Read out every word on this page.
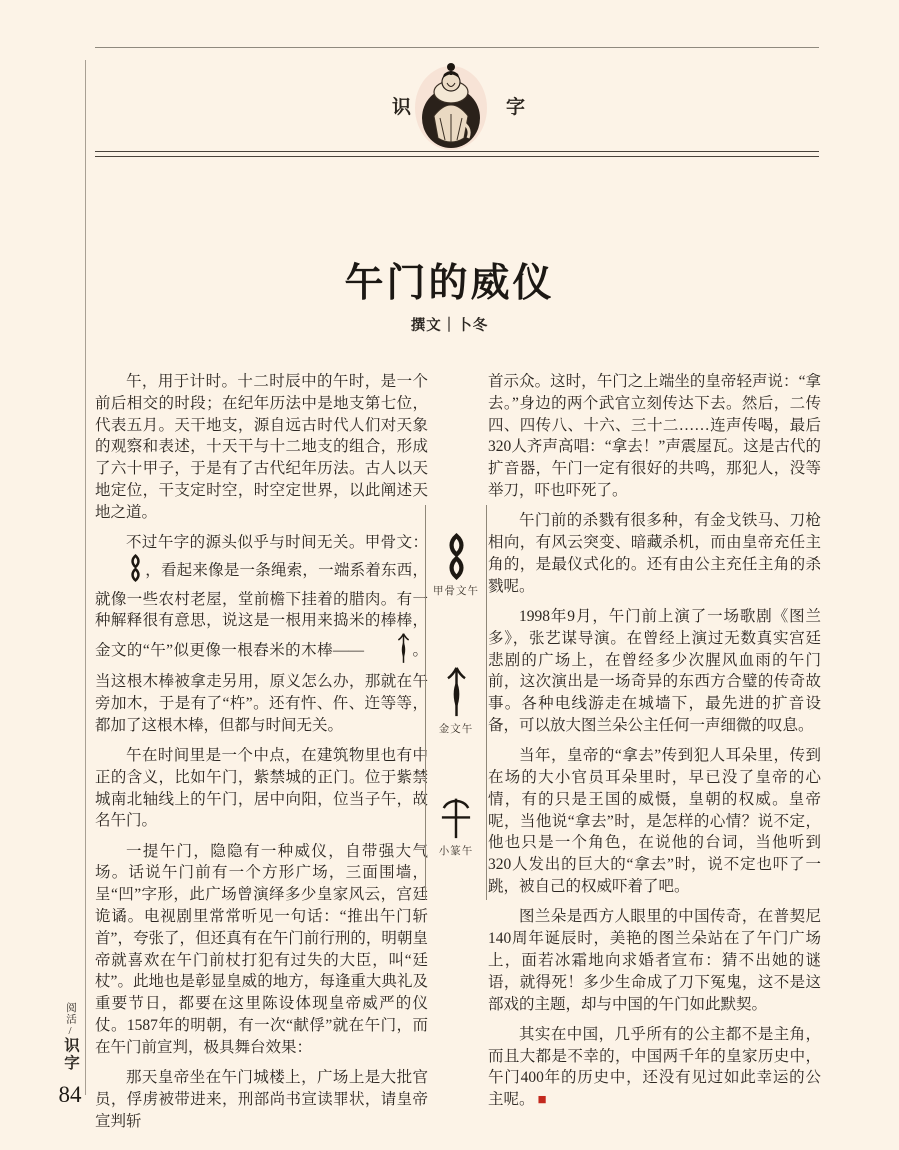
识	字
午门的威仪
撰文｜卜冬

午，用于计时。十二时辰中的午时，是一个前后相交的时段；在纪年历法中是地支第七位，代表五月。天干地支，源自远古时代人们对天象的观察和表述，十天干与十二地支的组合，形成了六十甲子，于是有了古代纪年历法。古人以天地定位，干支定时空，时空定世界，以此阐述天地之道。

不过午字的源头似乎与时间无关。甲骨文：，看起来像是一条绳索，一端系着东西，就像一些农村老屋，堂前檐下挂着的腊肉。有一种解释很有意思，说这是一根用来捣米的棒棒，金文的“午”似更像一根舂米的木棒——	。当这根木棒被拿走另用，原义怎么办，那就在午旁加木，于是有了“杵”。还有忤、仵、迕等等，都加了这根木棒，但都与时间无关。

午在时间里是一个中点，在建筑物里也有中正的含义，比如午门，紫禁城的正门。位于紫禁城南北轴线上的午门，居中向阳，位当子午，故名午门。

一提午门，隐隐有一种威仪，自带强大气场。话说午门前有一个方形广场，三面围墙，呈“凹”字形，此广场曾演绎多少皇家风云，宫廷诡谲。电视剧里常常听见一句话：“推出午门斩首”，夸张了，但还真有在午门前行刑的，明朝皇帝就喜欢在午门前杖打犯有过失的大臣，叫“廷杖”。此地也是彰显皇威的地方，每逢重大典礼及重要节日，都要在这里陈设体现皇帝威严的仪仗。1587年的明朝，有一次“献俘”就在午门，而在午门前宣判，极具舞台效果：

那天皇帝坐在午门城楼上，广场上是大批官员，俘虏被带进来，刑部尚书宣读罪状，请皇帝宣判斩

甲骨文午
金文午
小篆午

首示众。这时，午门之上端坐的皇帝轻声说：“拿去。”身边的两个武官立刻传达下去。然后，二传四、四传八、十六、三十二……连声传喝，最后320人齐声高唱：“拿去！”声震屋瓦。这是古代的扩音器，午门一定有很好的共鸣，那犯人，没等举刀，吓也吓死了。

午门前的杀戮有很多种，有金戈铁马、刀枪相向，有风云突变、暗藏杀机，而由皇帝充任主角的，是最仪式化的。还有由公主充任主角的杀戮呢。

1998年9月，午门前上演了一场歌剧《图兰多》，张艺谋导演。在曾经上演过无数真实宫廷悲剧的广场上，在曾经多少次腥风血雨的午门前，这次演出是一场奇异的东西方合璧的传奇故事。各种电线游走在城墙下，最先进的扩音设备，可以放大图兰朵公主任何一声细微的叹息。

当年，皇帝的“拿去”传到犯人耳朵里，传到在场的大小官员耳朵里时，早已没了皇帝的心情，有的只是王国的威慑，皇朝的权威。皇帝呢，当他说“拿去”时，是怎样的心情？说不定，他也只是一个角色，在说他的台词，当他听到320人发出的巨大的“拿去”时，说不定也吓了一跳，被自己的权威吓着了吧。

图兰朵是西方人眼里的中国传奇，在普契尼140周年诞辰时，美艳的图兰朵站在了午门广场上，面若冰霜地向求婚者宣布：猜不出她的谜语，就得死！多少生命成了刀下冤鬼，这不是这部戏的主题，却与中国的午门如此默契。

其实在中国，几乎所有的公主都不是主角，而且大都是不幸的，中国两千年的皇家历史中，午门400年的历史中，还没有见过如此幸运的公主呢。 ■

阅活/识字
84
